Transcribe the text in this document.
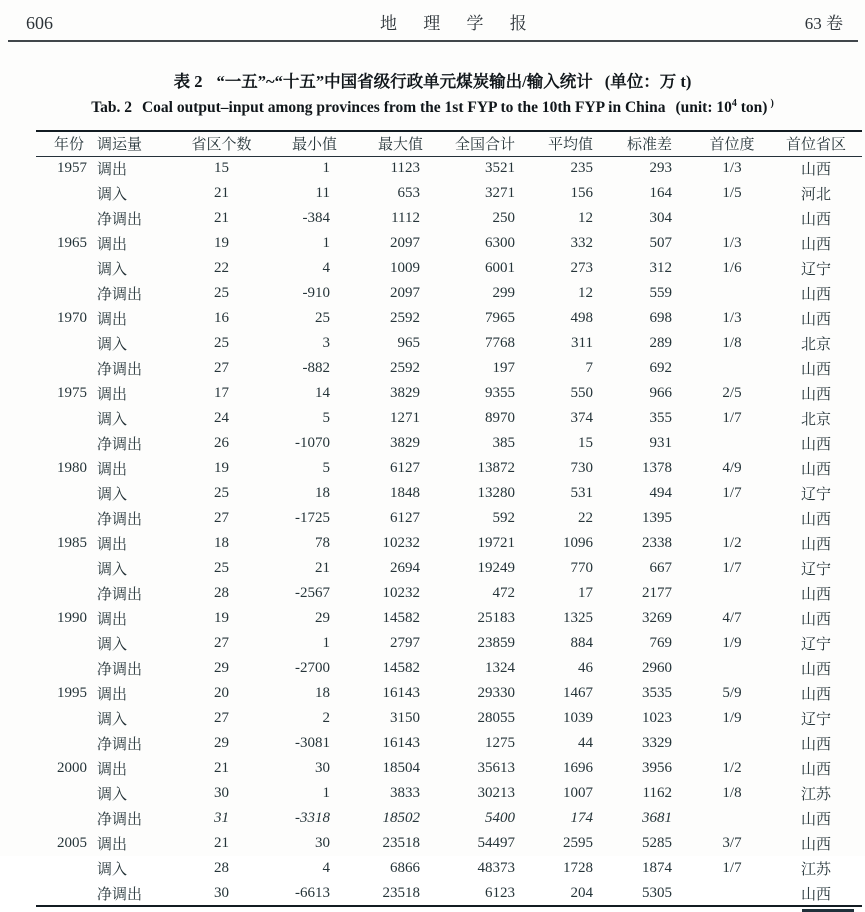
606	地 理 学 报	63 卷
表 2 “一五”~“十五”中国省级行政单元煤炭输出/输入统计 (单位：万 t)
Tab. 2 Coal output–input among provinces from the 1st FYP to the 10th FYP in China (unit: $10^4$ ton) )
年份	调运量	省区个数	最小值	最大值	全国合计	平均值	标准差	首位度	首位省区
1957	调出	15	1	1123	3521	235	293	1/3	山西
	调入	21	11	653	3271	156	164	1/5	河北
	净调出	21	-384	1112	250	12	304		山西
1965	调出	19	1	2097	6300	332	507	1/3	山西
	调入	22	4	1009	6001	273	312	1/6	辽宁
	净调出	25	-910	2097	299	12	559		山西
1970	调出	16	25	2592	7965	498	698	1/3	山西
	调入	25	3	965	7768	311	289	1/8	北京
	净调出	27	-882	2592	197	7	692		山西
1975	调出	17	14	3829	9355	550	966	2/5	山西
	调入	24	5	1271	8970	374	355	1/7	北京
	净调出	26	-1070	3829	385	15	931		山西
1980	调出	19	5	6127	13872	730	1378	4/9	山西
	调入	25	18	1848	13280	531	494	1/7	辽宁
	净调出	27	-1725	6127	592	22	1395		山西
1985	调出	18	78	10232	19721	1096	2338	1/2	山西
	调入	25	21	2694	19249	770	667	1/7	辽宁
	净调出	28	-2567	10232	472	17	2177		山西
1990	调出	19	29	14582	25183	1325	3269	4/7	山西
	调入	27	1	2797	23859	884	769	1/9	辽宁
	净调出	29	-2700	14582	1324	46	2960		山西
1995	调出	20	18	16143	29330	1467	3535	5/9	山西
	调入	27	2	3150	28055	1039	1023	1/9	辽宁
	净调出	29	-3081	16143	1275	44	3329		山西
2000	调出	21	30	18504	35613	1696	3956	1/2	山西
	调入	30	1	3833	30213	1007	1162	1/8	江苏
	净调出	31	-3318	18502	5400	174	3681		山西
2005	调出	21	30	23518	54497	2595	5285	3/7	山西
	调入	28	4	6866	48373	1728	1874	1/7	江苏
	净调出	30	-6613	23518	6123	204	5305		山西
